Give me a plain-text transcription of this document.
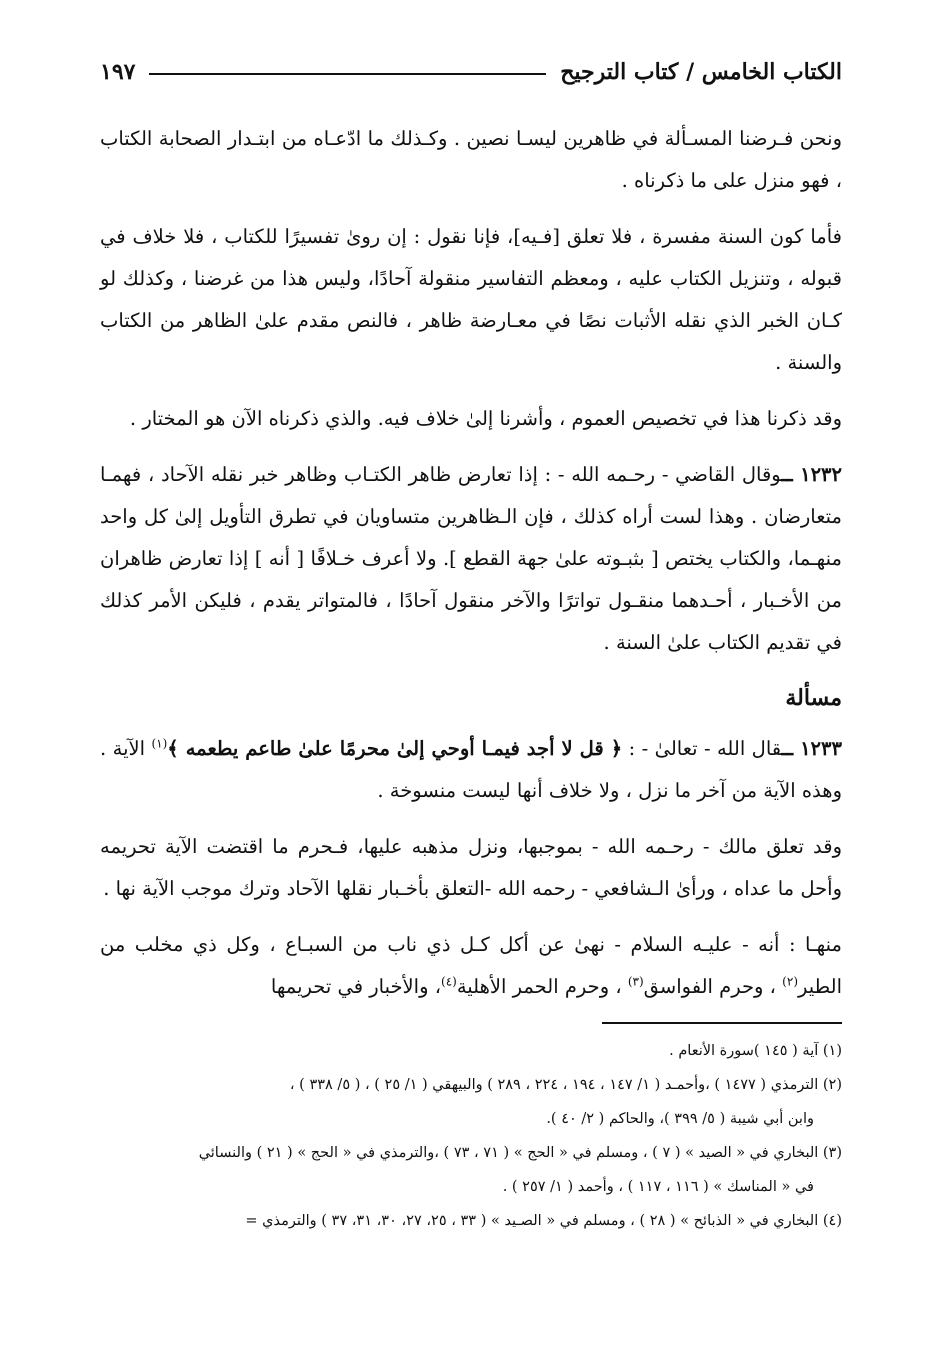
الكتاب الخامس / كتاب الترجيح
١٩٧

ونحن فـرضنا المسـألة في ظاهرين ليسـا نصين . وكـذلك ما ادّعـاه من ابتـدار الصحابة الكتاب ، فهو منزل على ما ذكرناه .

فأما كون السنة مفسرة ، فلا تعلق [فـيه]، فإنا نقول : إن روىٰ تفسيرًا للكتاب ، فلا خلاف في قبوله ، وتنزيل الكتاب عليه ، ومعظم التفاسير منقولة آحادًا، وليس هذا من غرضنا ، وكذلك لو كـان الخبر الذي نقله الأثبات نصًا في معـارضة ظاهر ، فالنص مقدم علىٰ الظاهر من الكتاب والسنة .

وقد ذكرنا هذا في تخصيص العموم ، وأشرنا إلىٰ خلاف فيه. والذي ذكرناه الآن هو المختار .

١٢٣٢ ــوقال القاضي - رحـمه الله - : إذا تعارض ظاهر الكتـاب وظاهر خبر نقله الآحاد ، فهمـا متعارضان . وهذا لست أراه كذلك ، فإن الـظاهرين متساويان في تطرق التأويل إلىٰ كل واحد منهـما، والكتاب يختص [ بثبـوته علىٰ جهة القطع ]. ولا أعرف خـلافًا [ أنه ] إذا تعارض ظاهران من الأخـبار ، أحـدهما منقـول تواترًا والآخر منقول آحادًا ، فالمتواتر يقدم ، فليكن الأمر كذلك في تقديم الكتاب علىٰ السنة .

مسألة

١٢٣٣ ــقال الله - تعالىٰ - : ﴿ قل لا أجد فيمـا أوحي إلىٰ محرمًا علىٰ طاعم يطعمه ﴾$^{(١)}$ الآية . وهذه الآية من آخر ما نزل ، ولا خلاف أنها ليست منسوخة .

وقد تعلق مالك - رحـمه الله - بموجبها، ونزل مذهبه عليها، فـحرم ما اقتضت الآية تحريمه وأحل ما عداه ، ورأىٰ الـشافعي - رحمه الله -التعلق بأخـبار نقلها الآحاد وترك موجب الآية نها .

منهـا : أنه - عليـه السلام - نهىٰ عن أكل كـل ذي ناب من السبـاع ، وكل ذي مخلب من الطير$^{(٢)}$ ، وحرم الفواسق$^{(٣)}$ ، وحرم الحمر الأهلية$^{(٤)}$، والأخبار في تحريمها

(١) آية ( ١٤٥ )سورة الأنعام .

(٢) الترمذي ( ١٤٧٧ ) ،وأحمـد ( ١/ ١٤٧ ، ١٩٤ ، ٢٢٤ ، ٢٨٩ ) والبيهقي ( ١/ ٢٥ ) ، ( ٥/ ٣٣٨ ) ،

وابن أبي شيبة ( ٥/ ٣٩٩ )، والحاكم ( ٢/ ٤٠ ).

(٣) البخاري في « الصيد » ( ٧ ) ، ومسلم في « الحج » ( ٧١ ، ٧٣ ) ،والترمذي في « الحج » ( ٢١ ) والنسائي

في « المناسك » ( ١١٦ ، ١١٧ ) ، وأحمد ( ١/ ٢٥٧ ) .

(٤) البخاري في « الذبائح » ( ٢٨ ) ، ومسلم في « الصـيد » ( ٣٣ ، ٢٥، ٢٧، ٣٠، ٣١، ٣٧ ) والترمذي =
